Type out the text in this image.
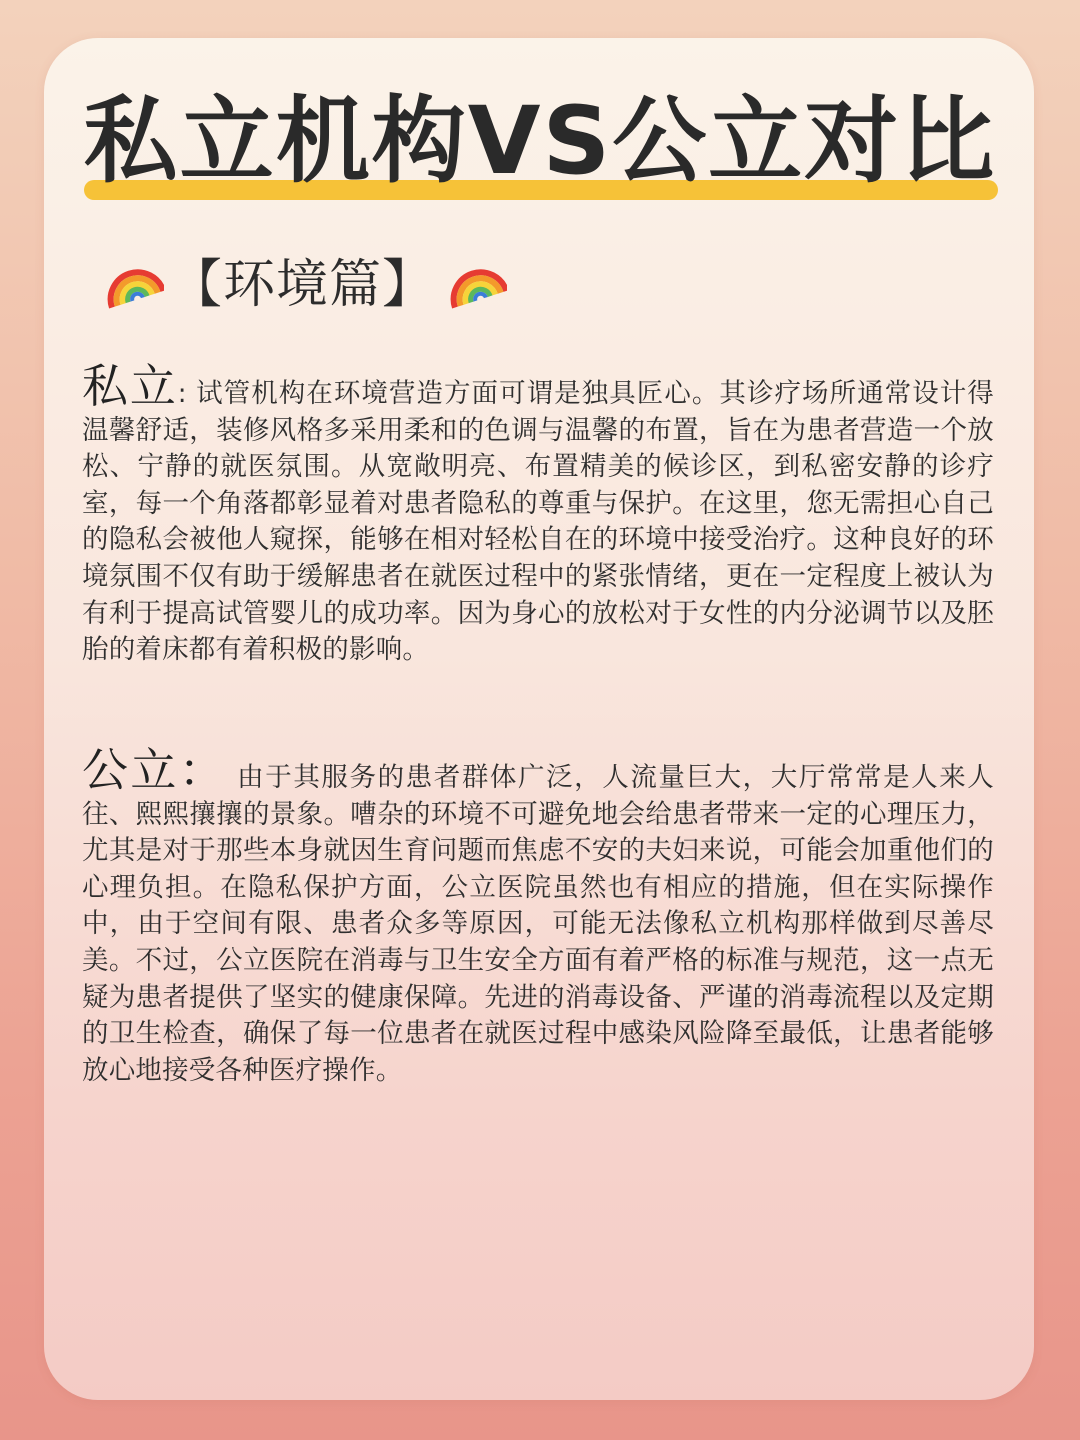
私立机构VS公立对比
【环境篇】
私立: 试管机构在环境营造方面可谓是独具匠心。其诊疗场所通常设计得温馨舒适，装修风格多采用柔和的色调与温馨的布置，旨在为患者营造一个放松、宁静的就医氛围。从宽敞明亮、布置精美的候诊区，到私密安静的诊疗室，每一个角落都彰显着对患者隐私的尊重与保护。在这里，您无需担心自己的隐私会被他人窥探，能够在相对轻松自在的环境中接受治疗。这种良好的环境氛围不仅有助于缓解患者在就医过程中的紧张情绪，更在一定程度上被认为有利于提高试管婴儿的成功率。因为身心的放松对于女性的内分泌调节以及胚胎的着床都有着积极的影响。
公立： 由于其服务的患者群体广泛，人流量巨大，大厅常常是人来人往、熙熙攘攘的景象。嘈杂的环境不可避免地会给患者带来一定的心理压力，尤其是对于那些本身就因生育问题而焦虑不安的夫妇来说，可能会加重他们的心理负担。在隐私保护方面，公立医院虽然也有相应的措施，但在实际操作中，由于空间有限、患者众多等原因，可能无法像私立机构那样做到尽善尽美。不过，公立医院在消毒与卫生安全方面有着严格的标准与规范，这一点无疑为患者提供了坚实的健康保障。先进的消毒设备、严谨的消毒流程以及定期的卫生检查，确保了每一位患者在就医过程中感染风险降至最低，让患者能够放心地接受各种医疗操作。
